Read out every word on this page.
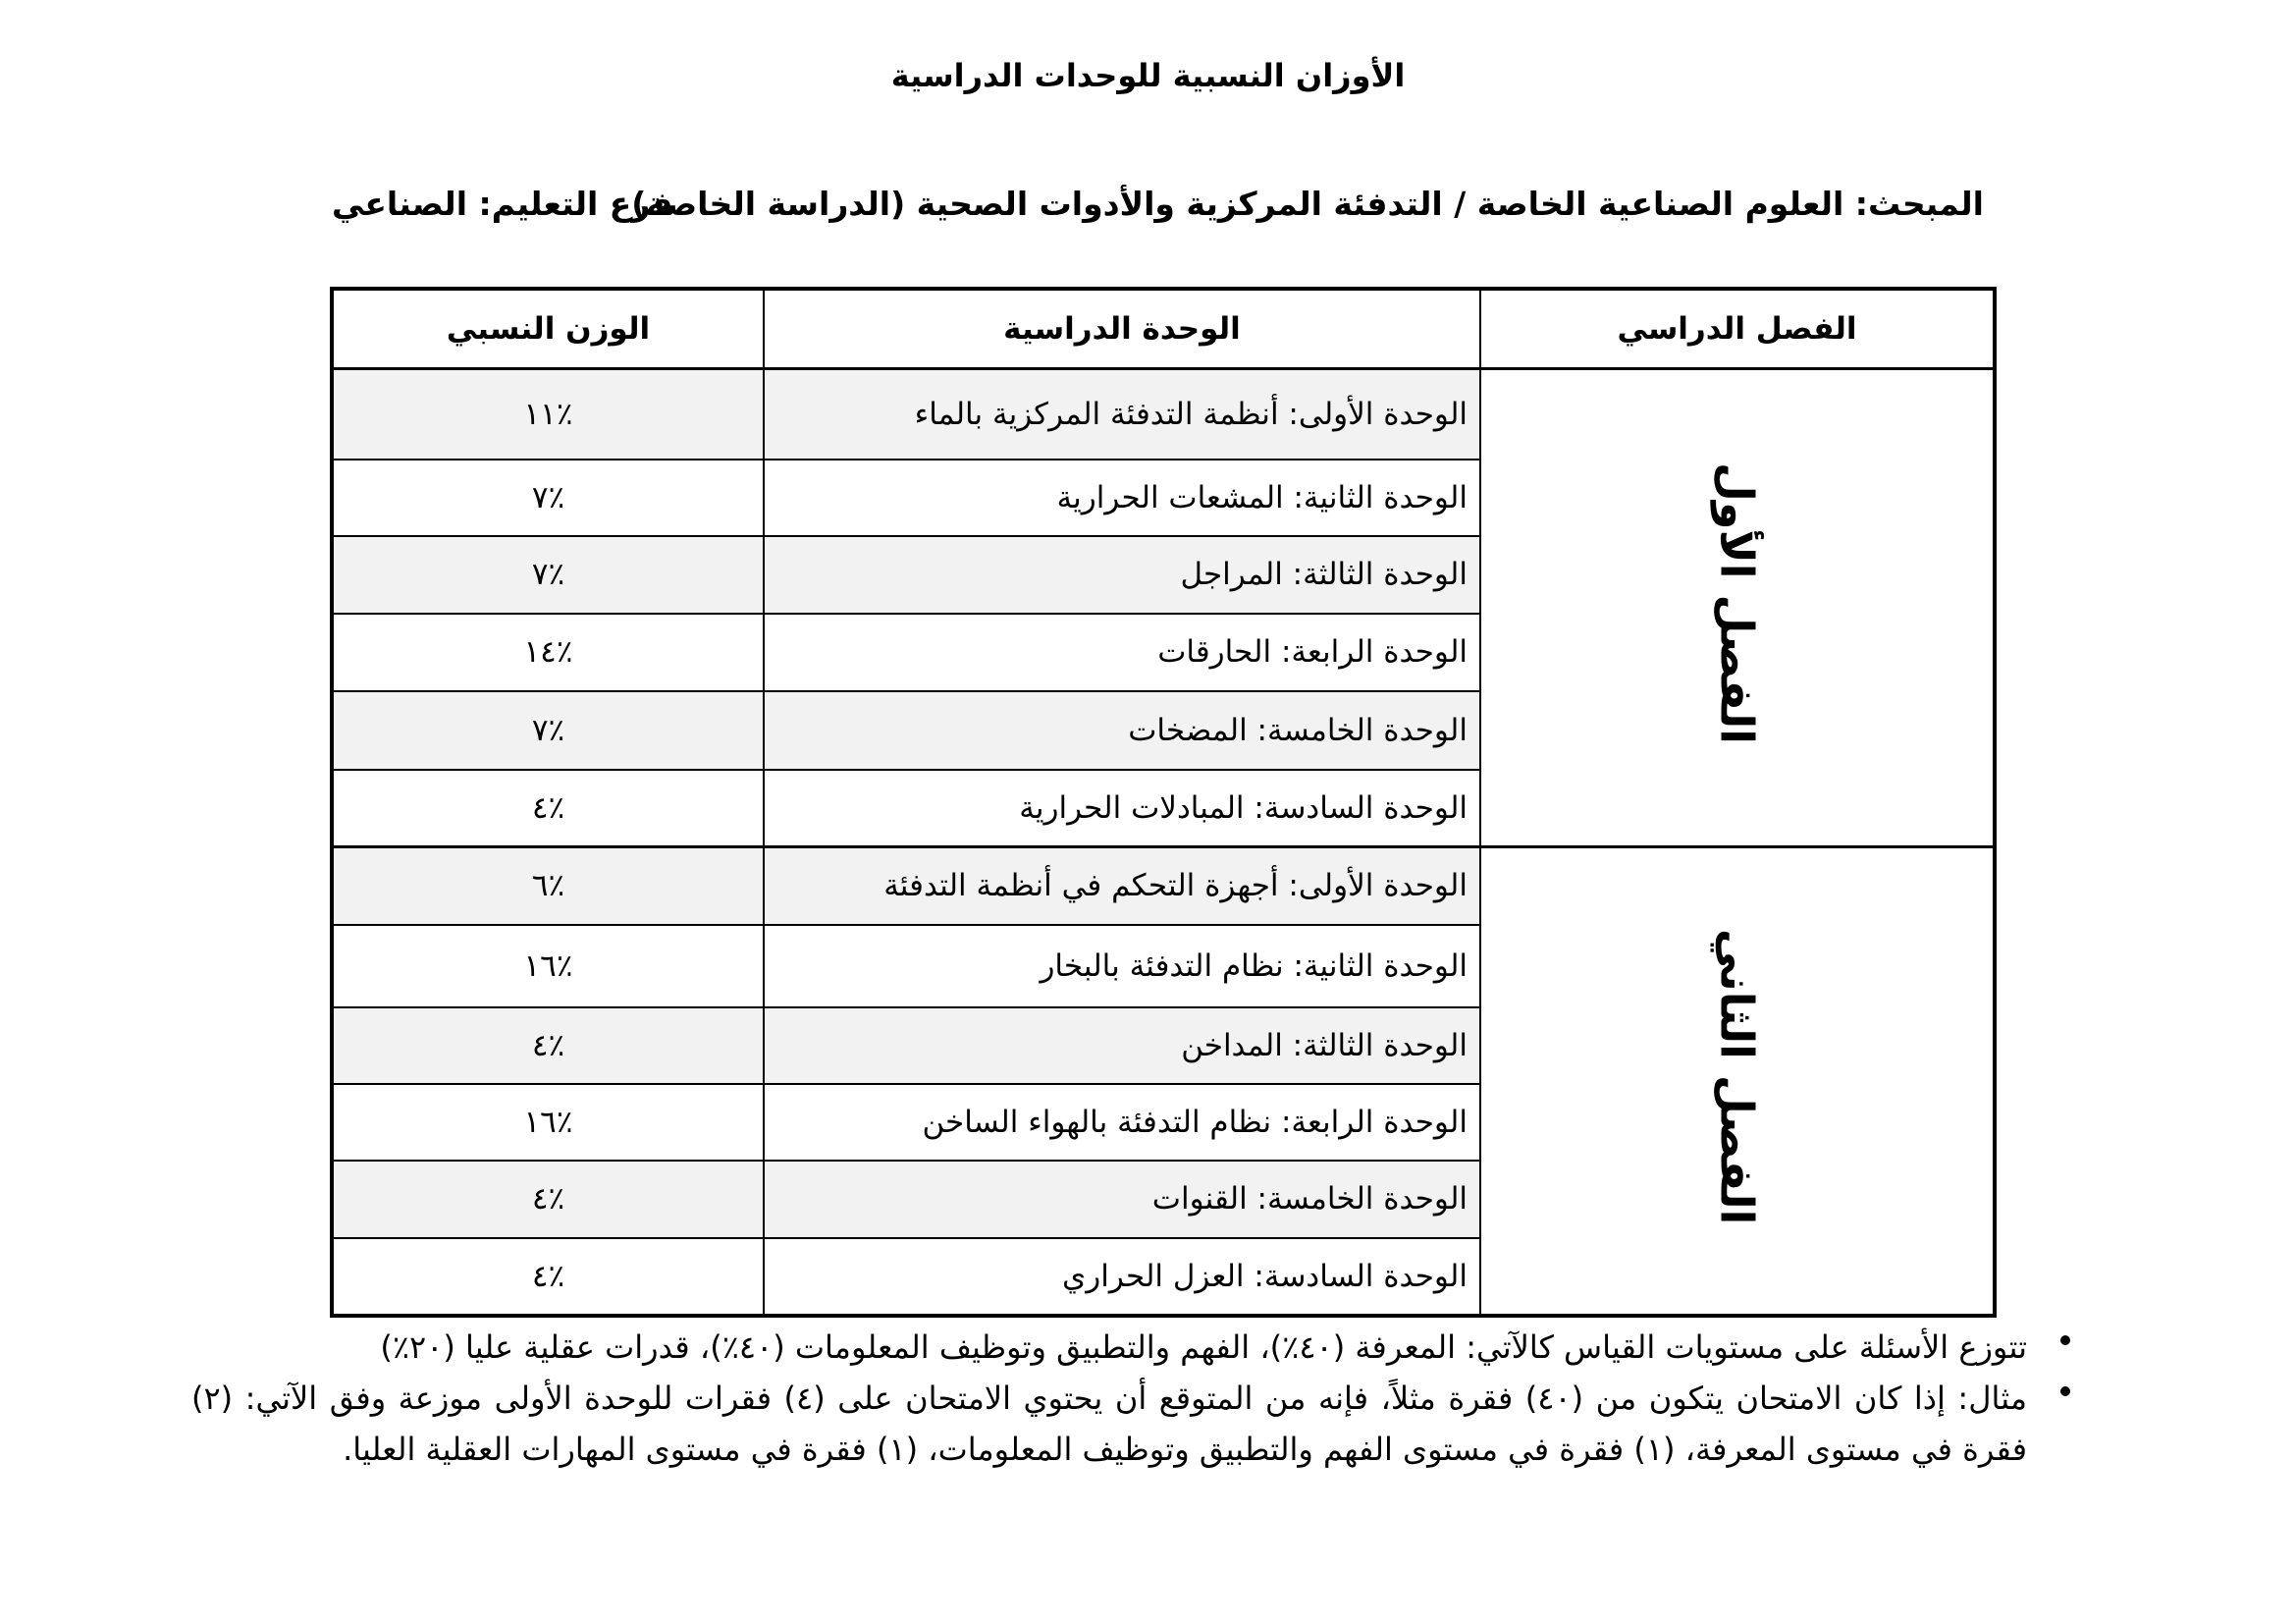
الأوزان النسبية للوحدات الدراسية
المبحث: العلوم الصناعية الخاصة / التدفئة المركزية والأدوات الصحية (الدراسة الخاصة)
فرع التعليم: الصناعي
الفصل الدراسي	الوحدة الدراسية	الوزن النسبي
الفصل الأول	الوحدة الأولى: أنظمة التدفئة المركزية بالماء	٪١١
	الوحدة الثانية: المشعات الحرارية	٪٧
	الوحدة الثالثة: المراجل	٪٧
	الوحدة الرابعة: الحارقات	٪١٤
	الوحدة الخامسة: المضخات	٪٧
	الوحدة السادسة: المبادلات الحرارية	٪٤
الفصل الثاني	الوحدة الأولى: أجهزة التحكم في أنظمة التدفئة	٪٦
	الوحدة الثانية: نظام التدفئة بالبخار	٪١٦
	الوحدة الثالثة: المداخن	٪٤
	الوحدة الرابعة: نظام التدفئة بالهواء الساخن	٪١٦
	الوحدة الخامسة: القنوات	٪٤
	الوحدة السادسة: العزل الحراري	٪٤
تتوزع الأسئلة على مستويات القياس كالآتي: المعرفة (٤٠٪)، الفهم والتطبيق وتوظيف المعلومات (٤٠٪)، قدرات عقلية عليا (٢٠٪)
مثال: إذا كان الامتحان يتكون من (٤٠) فقرة مثلاً، فإنه من المتوقع أن يحتوي الامتحان على (٤) فقرات للوحدة الأولى موزعة وفق الآتي: (٢) فقرة في مستوى المعرفة، (١) فقرة في مستوى الفهم والتطبيق وتوظيف المعلومات، (١) فقرة في مستوى المهارات العقلية العليا.
